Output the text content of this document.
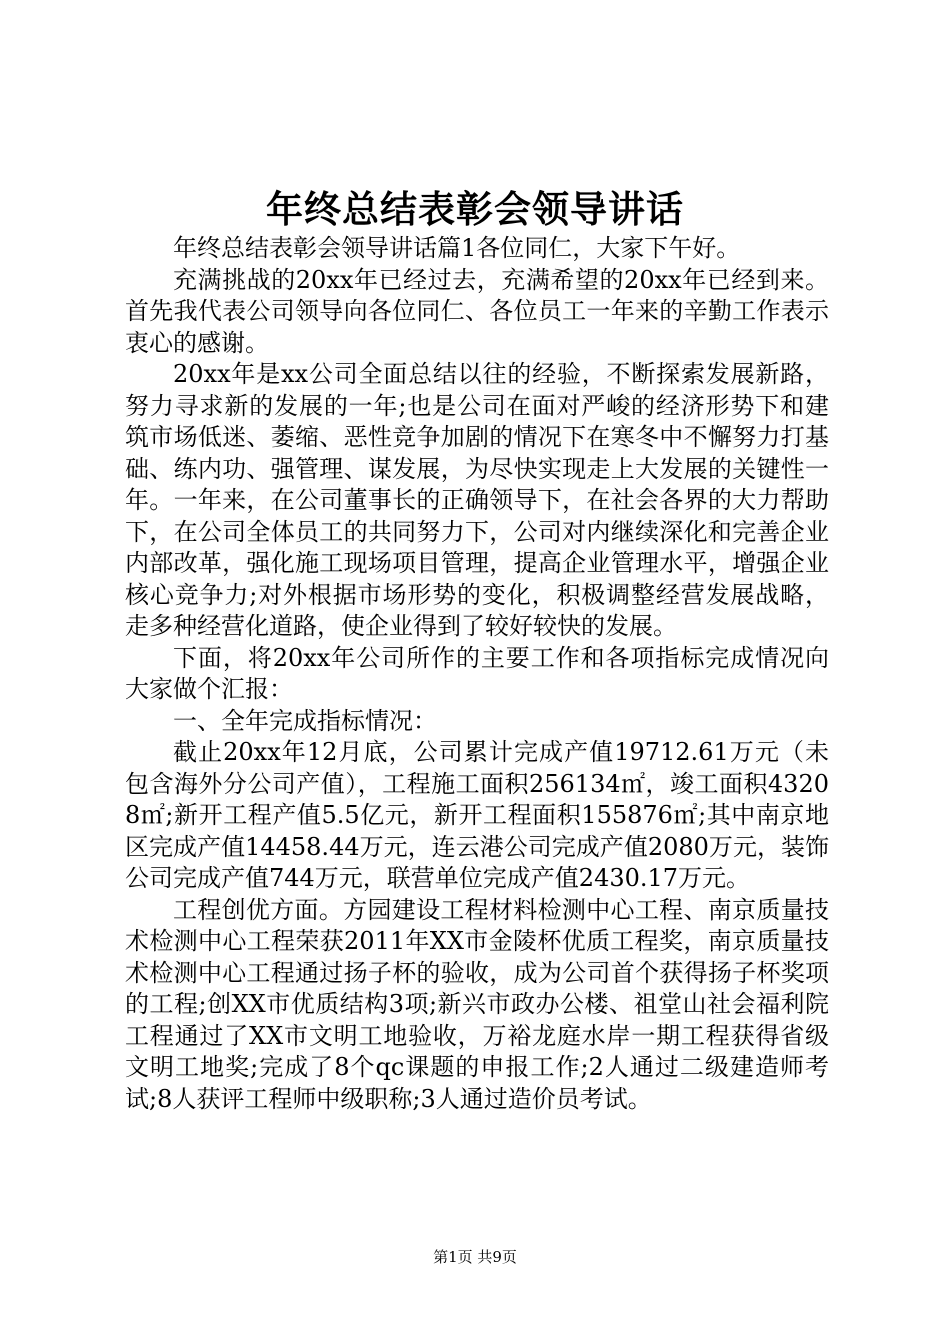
年终总结表彰会领导讲话

年终总结表彰会领导讲话篇1各位同仁，大家下午好。

充满挑战的20xx年已经过去，充满希望的20xx年已经到来。首先我代表公司领导向各位同仁、各位员工一年来的辛勤工作表示衷心的感谢。

20xx年是xx公司全面总结以往的经验，不断探索发展新路，努力寻求新的发展的一年;也是公司在面对严峻的经济形势下和建筑市场低迷、萎缩、恶性竞争加剧的情况下在寒冬中不懈努力打基础、练内功、强管理、谋发展，为尽快实现走上大发展的关键性一年。一年来，在公司董事长的正确领导下，在社会各界的大力帮助下，在公司全体员工的共同努力下，公司对内继续深化和完善企业内部改革，强化施工现场项目管理，提高企业管理水平，增强企业核心竞争力;对外根据市场形势的变化，积极调整经营发展战略，走多种经营化道路，使企业得到了较好较快的发展。

下面，将20xx年公司所作的主要工作和各项指标完成情况向大家做个汇报：

一、全年完成指标情况：

截止20xx年12月底，公司累计完成产值19712.61万元（未包含海外分公司产值），工程施工面积256134㎡，竣工面积43208㎡;新开工程产值5.5亿元，新开工程面积155876㎡;其中南京地区完成产值14458.44万元，连云港公司完成产值2080万元，装饰公司完成产值744万元，联营单位完成产值2430.17万元。

工程创优方面。方园建设工程材料检测中心工程、南京质量技术检测中心工程荣获2011年XX市金陵杯优质工程奖，南京质量技术检测中心工程通过扬子杯的验收，成为公司首个获得扬子杯奖项的工程;创XX市优质结构3项;新兴市政办公楼、祖堂山社会福利院工程通过了XX市文明工地验收，万裕龙庭水岸一期工程获得省级文明工地奖;完成了8个qc课题的申报工作;2人通过二级建造师考试;8人获评工程师中级职称;3人通过造价员考试。

第1页 共9页
